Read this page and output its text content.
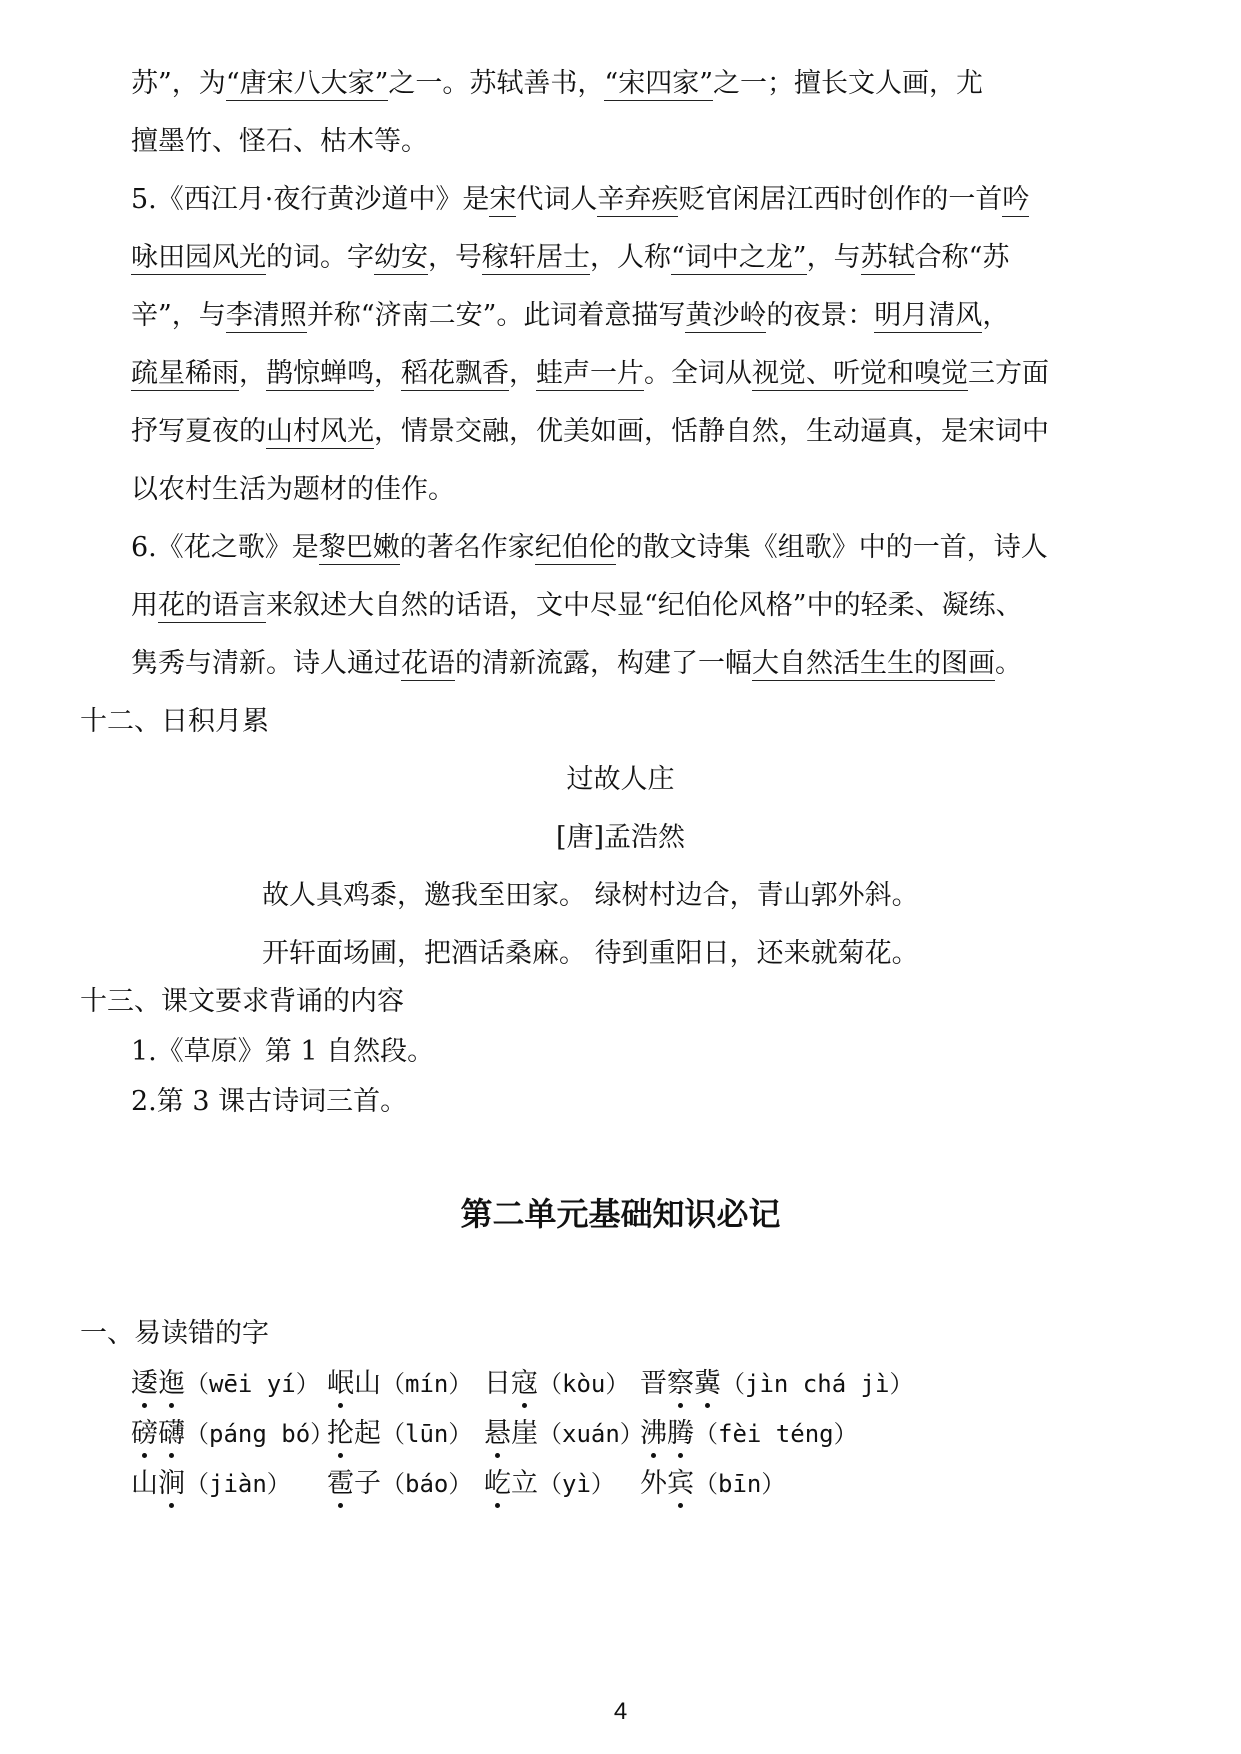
苏”，为“唐宋八大家”之一。苏轼善书，“宋四家”之一；擅长文人画，尤
擅墨竹、怪石、枯木等。
5.《西江月·夜行黄沙道中》是宋代词人辛弃疾贬官闲居江西时创作的一首吟
咏田园风光的词。字幼安，号稼轩居士，人称“词中之龙”，与苏轼合称“苏
辛”，与李清照并称“济南二安”。此词着意描写黄沙岭的夜景：明月清风，
疏星稀雨，鹊惊蝉鸣，稻花飘香，蛙声一片。全词从视觉、听觉和嗅觉三方面
抒写夏夜的山村风光，情景交融，优美如画，恬静自然，生动逼真，是宋词中
以农村生活为题材的佳作。
6.《花之歌》是黎巴嫩的著名作家纪伯伦的散文诗集《组歌》中的一首，诗人
用花的语言来叙述大自然的话语，文中尽显“纪伯伦风格”中的轻柔、凝练、
隽秀与清新。诗人通过花语的清新流露，构建了一幅大自然活生生的图画。
十二、日积月累
过故人庄
[唐]孟浩然
故人具鸡黍，邀我至田家。 绿树村边合，青山郭外斜。
开轩面场圃，把酒话桑麻。 待到重阳日，还来就菊花。
十三、课文要求背诵的内容
1.《草原》第 1 自然段。
2.第 3 课古诗词三首。
第二单元基础知识必记
一、易读错的字
逶迤（wēi yí） 岷山（mín） 日寇（kòu） 晋察冀（jìn chá jì）
磅礴（páng bó）
抡起（lūn） 悬崖（xuán）
沸腾（fèi téng）
山涧（jiàn） 雹子（báo） 屹立（yì） 外宾（bīn）
4
